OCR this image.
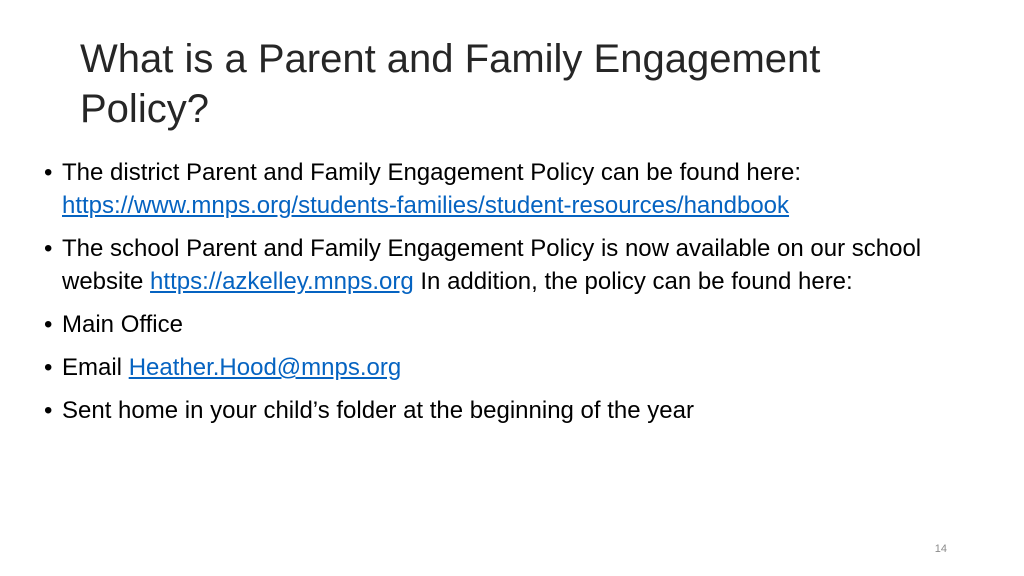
What is a Parent and Family Engagement Policy?
• The district Parent and Family Engagement Policy can be found here:
https://www.mnps.org/students-families/student-resources/handbook
• The school Parent and Family Engagement Policy is now available on our school website https://azkelley.mnps.org In addition, the policy can be found here:
• Main Office
• Email Heather.Hood@mnps.org
• Sent home in your child’s folder at the beginning of the year
14
